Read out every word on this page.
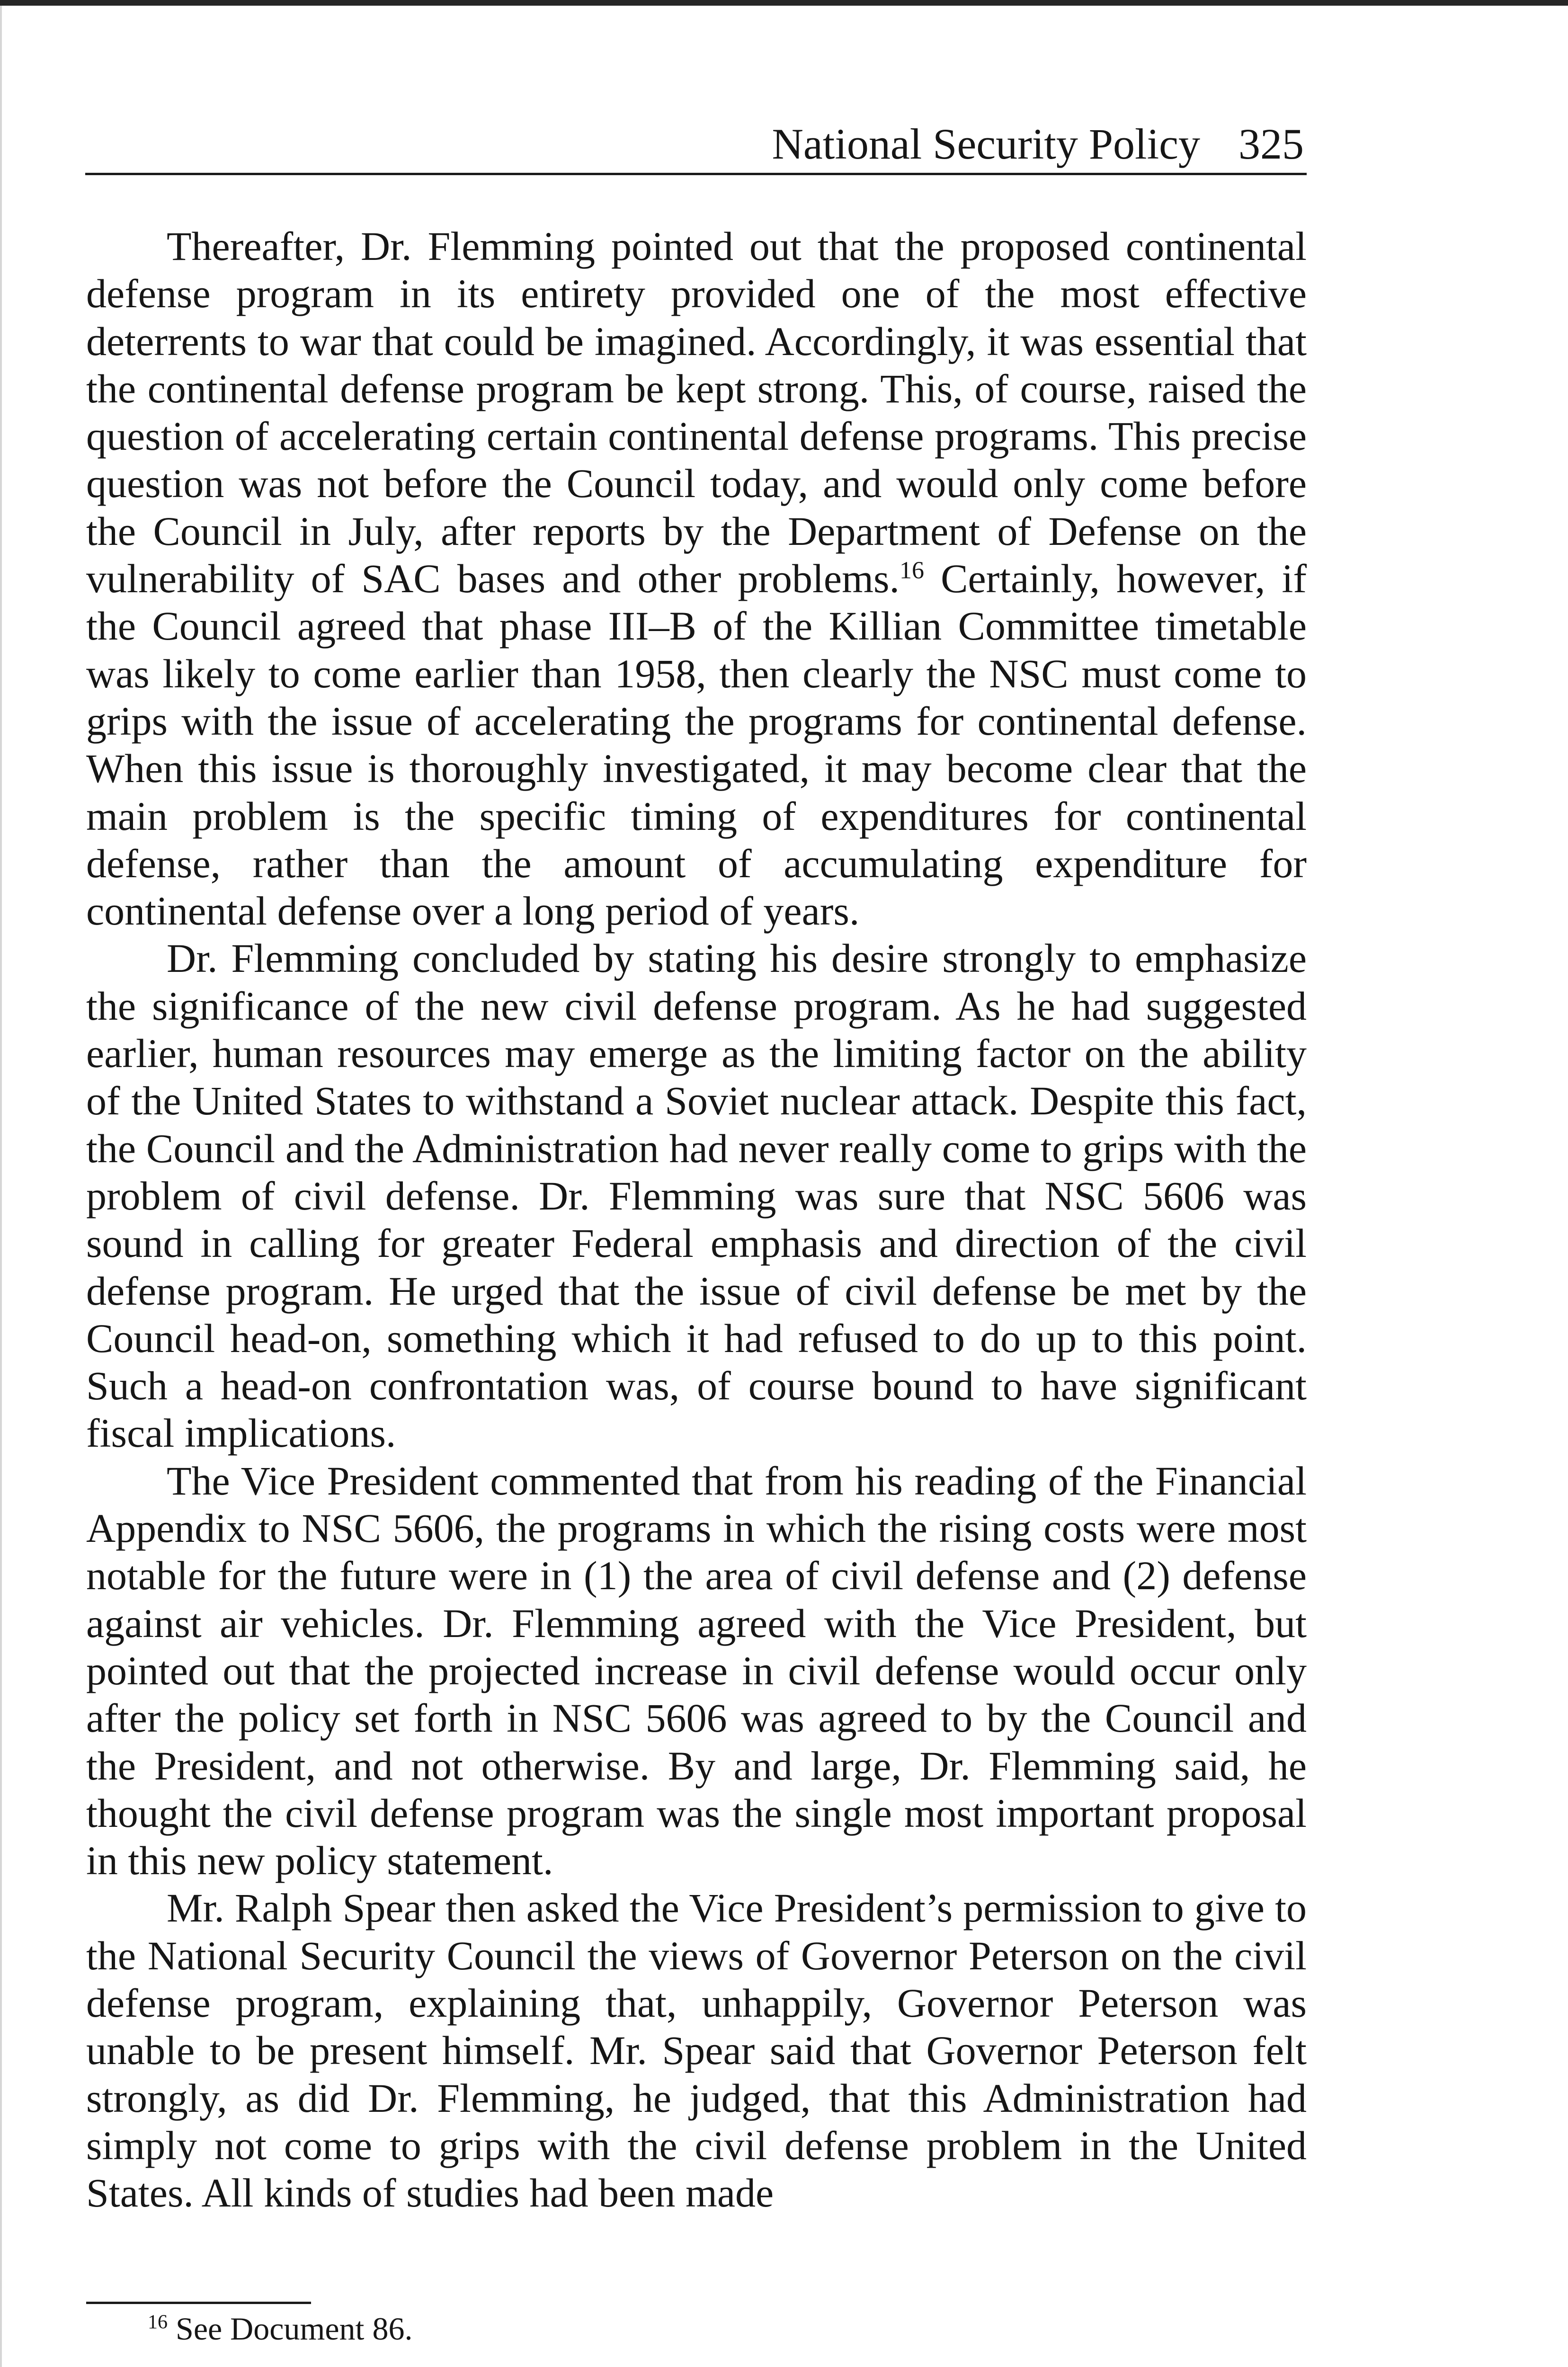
National Security Policy 325

Thereafter, Dr. Flemming pointed out that the proposed continental defense program in its entirety provided one of the most effective deterrents to war that could be imagined. Accordingly, it was essential that the continental defense program be kept strong. This, of course, raised the question of accelerating certain continental defense programs. This precise question was not before the Council today, and would only come before the Council in July, after reports by the Department of Defense on the vulnerability of SAC bases and other problems.$^{16}$ Certainly, however, if the Council agreed that phase III–B of the Killian Committee timetable was likely to come earlier than 1958, then clearly the NSC must come to grips with the issue of accelerating the programs for continental defense. When this issue is thoroughly investigated, it may become clear that the main problem is the specific timing of expenditures for continental defense, rather than the amount of accumulating expenditure for continental defense over a long period of years.

Dr. Flemming concluded by stating his desire strongly to emphasize the significance of the new civil defense program. As he had suggested earlier, human resources may emerge as the limiting factor on the ability of the United States to withstand a Soviet nuclear attack. Despite this fact, the Council and the Administration had never really come to grips with the problem of civil defense. Dr. Flemming was sure that NSC 5606 was sound in calling for greater Federal emphasis and direction of the civil defense program. He urged that the issue of civil defense be met by the Council head-on, something which it had refused to do up to this point. Such a head-on confrontation was, of course bound to have significant fiscal implications.

The Vice President commented that from his reading of the Financial Appendix to NSC 5606, the programs in which the rising costs were most notable for the future were in (1) the area of civil defense and (2) defense against air vehicles. Dr. Flemming agreed with the Vice President, but pointed out that the projected increase in civil defense would occur only after the policy set forth in NSC 5606 was agreed to by the Council and the President, and not otherwise. By and large, Dr. Flemming said, he thought the civil defense program was the single most important proposal in this new policy statement.

Mr. Ralph Spear then asked the Vice President’s permission to give to the National Security Council the views of Governor Peterson on the civil defense program, explaining that, unhappily, Governor Peterson was unable to be present himself. Mr. Spear said that Governor Peterson felt strongly, as did Dr. Flemming, he judged, that this Administration had simply not come to grips with the civil defense problem in the United States. All kinds of studies had been made

$^{16}$ See Document 86.
